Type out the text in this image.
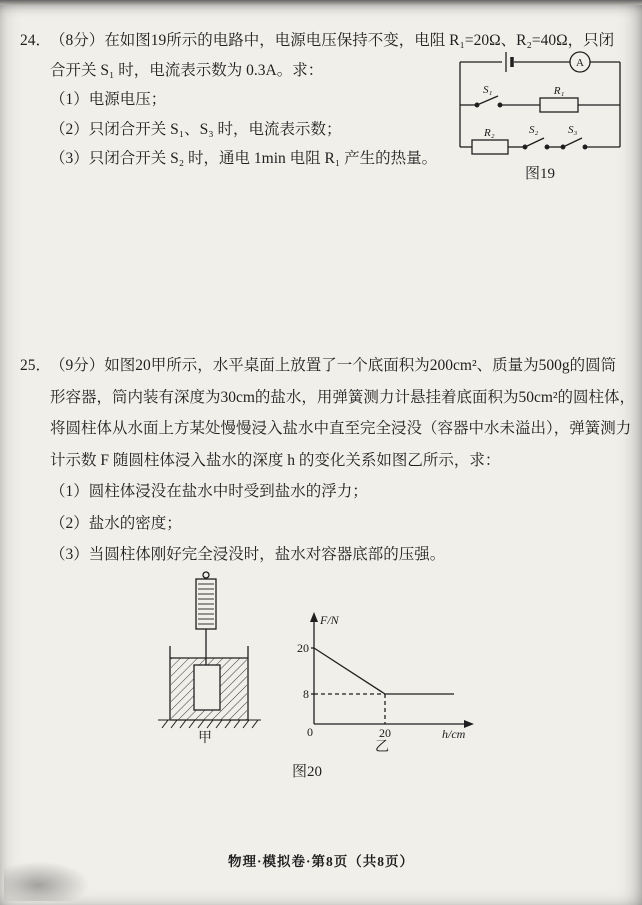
24．（8分）在如图19所示的电路中，电源电压保持不变，电阻 R₁=20Ω、R₂=40Ω，只闭
合开关 S₁ 时，电流表示数为 0.3A。求：
（1）电源电压；
（2）只闭合开关 S₁、S₃ 时，电流表示数；
（3）只闭合开关 S₂ 时，通电 1min 电阻 R₁ 产生的热量。
A
S₁	R₁
R₂	S₂	S₃
图19
25．（9分）如图20甲所示，水平桌面上放置了一个底面积为200cm²、质量为500g的圆筒
形容器，筒内装有深度为30cm的盐水，用弹簧测力计悬挂着底面积为50cm²的圆柱体，
将圆柱体从水面上方某处慢慢浸入盐水中直至完全浸没（容器中水未溢出），弹簧测力
计示数 F 随圆柱体浸入盐水的深度 h 的变化关系如图乙所示，求：
（1）圆柱体浸没在盐水中时受到盐水的浮力；
（2）盐水的密度；
（3）当圆柱体刚好完全浸没时，盐水对容器底部的压强。
甲
F/N
h/cm
20
8
0	20
乙
图20
物理·模拟卷·第8页（共8页）
